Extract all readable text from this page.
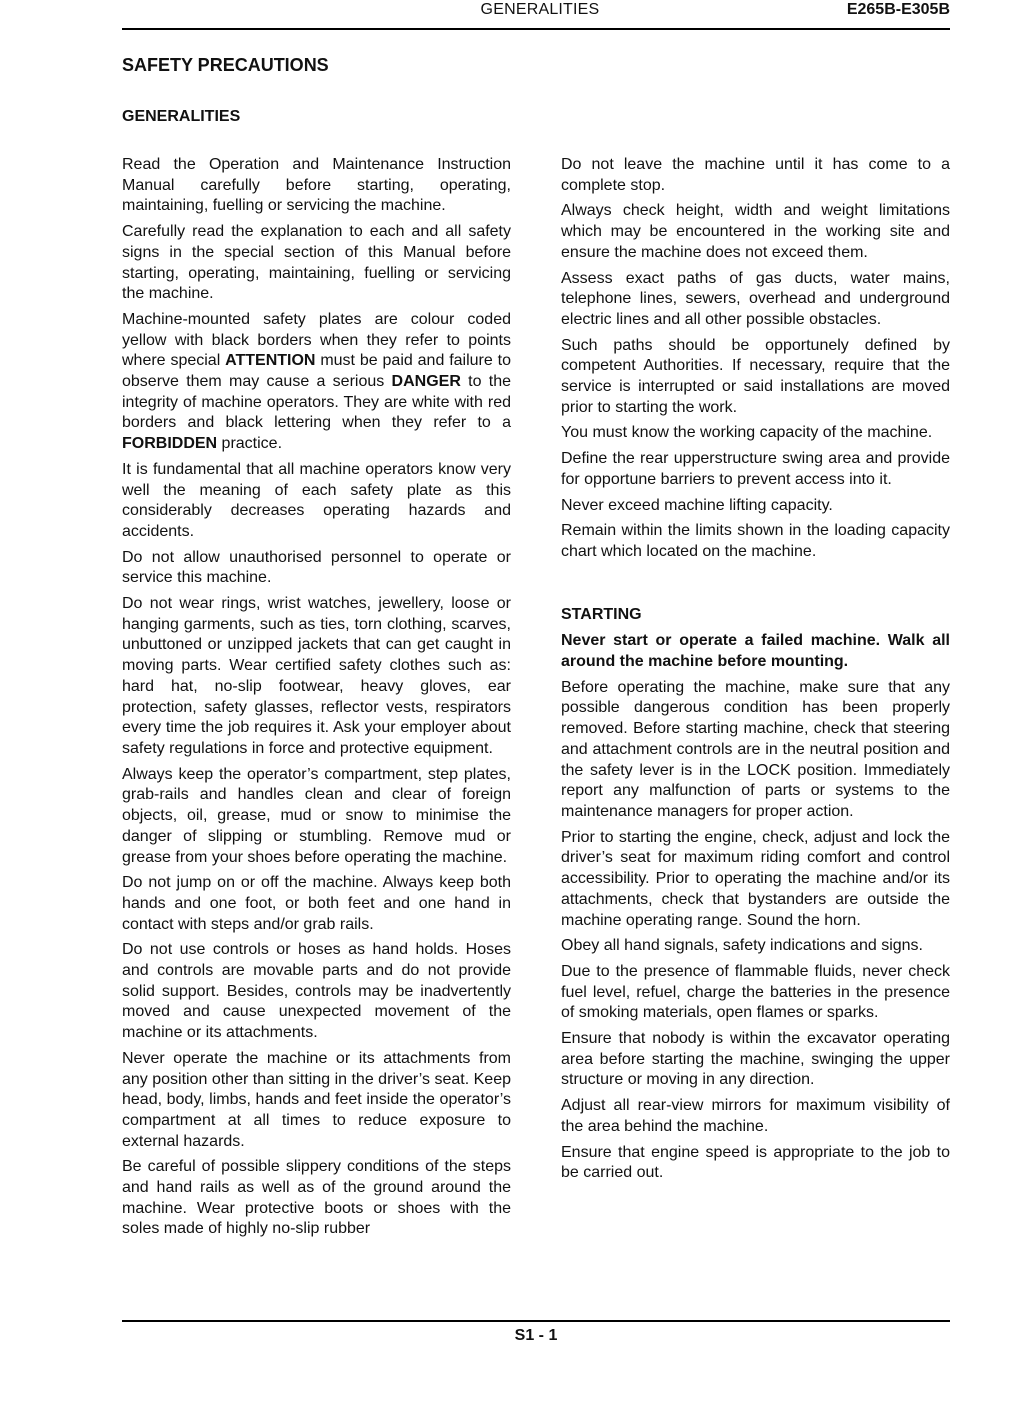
GENERALITIES	E265B-E305B
SAFETY PRECAUTIONS
GENERALITIES

Read the Operation and Maintenance Instruction Manual carefully before starting, operating, maintaining, fuelling or servicing the machine.

Carefully read the explanation to each and all safety signs in the special section of this Manual before starting, operating, maintaining, fuelling or servicing the machine.

Machine-mounted safety plates are colour coded yellow with black borders when they refer to points where special ATTENTION must be paid and failure to observe them may cause a serious DANGER to the integrity of machine operators. They are white with red borders and black lettering when they refer to a FORBIDDEN practice.

It is fundamental that all machine operators know very well the meaning of each safety plate as this considerably decreases operating hazards and accidents.

Do not allow unauthorised personnel to operate or service this machine.

Do not wear rings, wrist watches, jewellery, loose or hanging garments, such as ties, torn clothing, scarves, unbuttoned or unzipped jackets that can get caught in moving parts. Wear certified safety clothes such as: hard hat, no-slip footwear, heavy gloves, ear protection, safety glasses, reflector vests, respirators every time the job requires it. Ask your employer about safety regulations in force and protective equipment.

Always keep the operator’s compartment, step plates, grab-rails and handles clean and clear of foreign objects, oil, grease, mud or snow to minimise the danger of slipping or stumbling. Remove mud or grease from your shoes before operating the machine.

Do not jump on or off the machine. Always keep both hands and one foot, or both feet and one hand in contact with steps and/or grab rails.

Do not use controls or hoses as hand holds. Hoses and controls are movable parts and do not provide solid support. Besides, controls may be inadvertently moved and cause unexpected movement of the machine or its attachments.

Never operate the machine or its attachments from any position other than sitting in the driver’s seat. Keep head, body, limbs, hands and feet inside the operator’s compartment at all times to reduce exposure to external hazards.

Be careful of possible slippery conditions of the steps and hand rails as well as of the ground around the machine. Wear protective boots or shoes with the soles made of highly no-slip rubber

Do not leave the machine until it has come to a complete stop.

Always check height, width and weight limitations which may be encountered in the working site and ensure the machine does not exceed them.

Assess exact paths of gas ducts, water mains, telephone lines, sewers, overhead and underground electric lines and all other possible obstacles.

Such paths should be opportunely defined by competent Authorities. If necessary, require that the service is interrupted or said installations are moved prior to starting the work.

You must know the working capacity of the machine.

Define the rear upperstructure swing area and provide for opportune barriers to prevent access into it.

Never exceed machine lifting capacity.

Remain within the limits shown in the loading capacity chart which located on the machine.

STARTING

Never start or operate a failed machine. Walk all around the machine before mounting.

Before operating the machine, make sure that any possible dangerous condition has been properly removed. Before starting machine, check that steering and attachment controls are in the neutral position and the safety lever is in the LOCK position. Immediately report any malfunction of parts or systems to the maintenance managers for proper action.

Prior to starting the engine, check, adjust and lock the driver’s seat for maximum riding comfort and control accessibility. Prior to operating the machine and/or its attachments, check that bystanders are outside the machine operating range. Sound the horn.

Obey all hand signals, safety indications and signs.

Due to the presence of flammable fluids, never check fuel level, refuel, charge the batteries in the presence of smoking materials, open flames or sparks.

Ensure that nobody is within the excavator operating area before starting the machine, swinging the upper structure or moving in any direction.

Adjust all rear-view mirrors for maximum visibility of the area behind the machine.

Ensure that engine speed is appropriate to the job to be carried out.

S1 - 1
